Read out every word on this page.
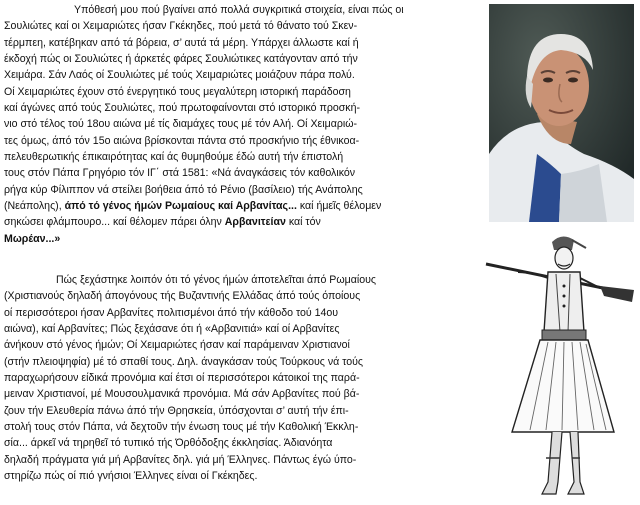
Υπόθεσή μου πού βγαίνει από πολλά συγκριτικά στοιχεία, είναι πώς οι
Σουλιώτες καί οι Χειμαριώτες ήσαν Γκέκηδες, πού μετά τό θάνατο τού Σκεν-
τέρμπεη, κατέβηκαν από τά βόρεια, σ’ αυτά τά μέρη. Υπάρχει άλλωστε καί ή
έκδοχή πώς οι Σουλιώτες ή άρκετές φάρες Σουλιώτικες κατάγονταν από τήν
Χειμάρα. Σάν Λαός οί Σουλιώτες μέ τούς Χειμαριώτες μοιάζουν πάρα πολύ.
Οί Χειμαριώτες έχουν στό ένεργητικό τους μεγαλύτερη ιστορική παράδοση
καί άγώνες από τούς Σουλιώτες, πού πρωτοφαίνονται στό ιστορικό προσκή-
νιο στό τέλος τού 18ου αιώνα μέ τίς διαμάχες τους μέ τόν Αλή. Οί Χειμαριώ-
τες όμως, άπό τόν 15ο αιώνα βρίσκονται πάντα στό προσκήνιο τής έθνικοα-
πελευθερωτικής έπικαιρότητας καί άς θυμηθούμε έδώ αυτή τήν έπιστολή
τους στόν Πάπα Γρηγόριο τόν ΙΓ΄ στά 1581: «Νά άναγκάσεις τόν καθολικόν
ρήγα κύρ Φίλιππον νά στείλει βοήθεια άπό τό Ρένιο (βασίλειο) τής Ανάπολης
(Νεάπολης), άπό τό γένος ήμών Ρωμαίους καί Αρβανίτας... καί ήμεῖς θέλομεν
σηκώσει φλάμπουρο... καί θέλομεν πάρει όλην Αρβανιτείαν καί τόν
Μωρέαν...»
Πώς ξεχάστηκε λοιπόν ότι τό γένος ήμών άποτελεῖται άπό Ρωμαίους
(Χριστιανούς δηλαδή άπογόνους τής Βυζαντινής Ελλάδας άπό τούς όποίους
οί περισσότεροι ήσαν Αρβανίτες πολιτισμένοι άπό τήν κάθοδο τού 14ου
αιώνα), καί Αρβανίτες; Πώς ξεχάσανε ότι ή «Αρβανιτιά» καί οί Αρβανίτες
άνήκουν στό γένος ήμών; Οί Χειμαριώτες ήσαν καί παράμειναν Χριστιανοί
(στήν πλειοψηφία) μέ τό σπαθί τους. Δηλ. άναγκάσαν τούς Τούρκους νά τούς
παραχωρήσουν είδικά προνόμια καί έτσι οί περισσότεροι κάτοικοί της παρά-
μειναν Χριστιανοί, μέ Μουσουλμανικά προνόμια. Μά σάν Αρβανίτες πού βά-
ζουν τήν Ελευθερία πάνω άπό τήν Θρησκεία, ύπόσχονται σ’ αυτή τήν έπι-
στολή τους στόν Πάπα, νά δεχτοῦν τήν ένωση τους μέ τήν Καθολική Έκκλη-
σία... άρκεῖ νά τηρηθεῖ τό τυπικό τής Όρθόδοξης έκκλησίας. Άδιανόητα
δηλαδή πράγματα γιά μή Αρβανίτες δηλ. γιά μή Έλληνες. Πάντως έγώ ύπο-
στηρίζω πώς οί πιό γνήσιοι Έλληνες είναι οί Γκέκηδες.
